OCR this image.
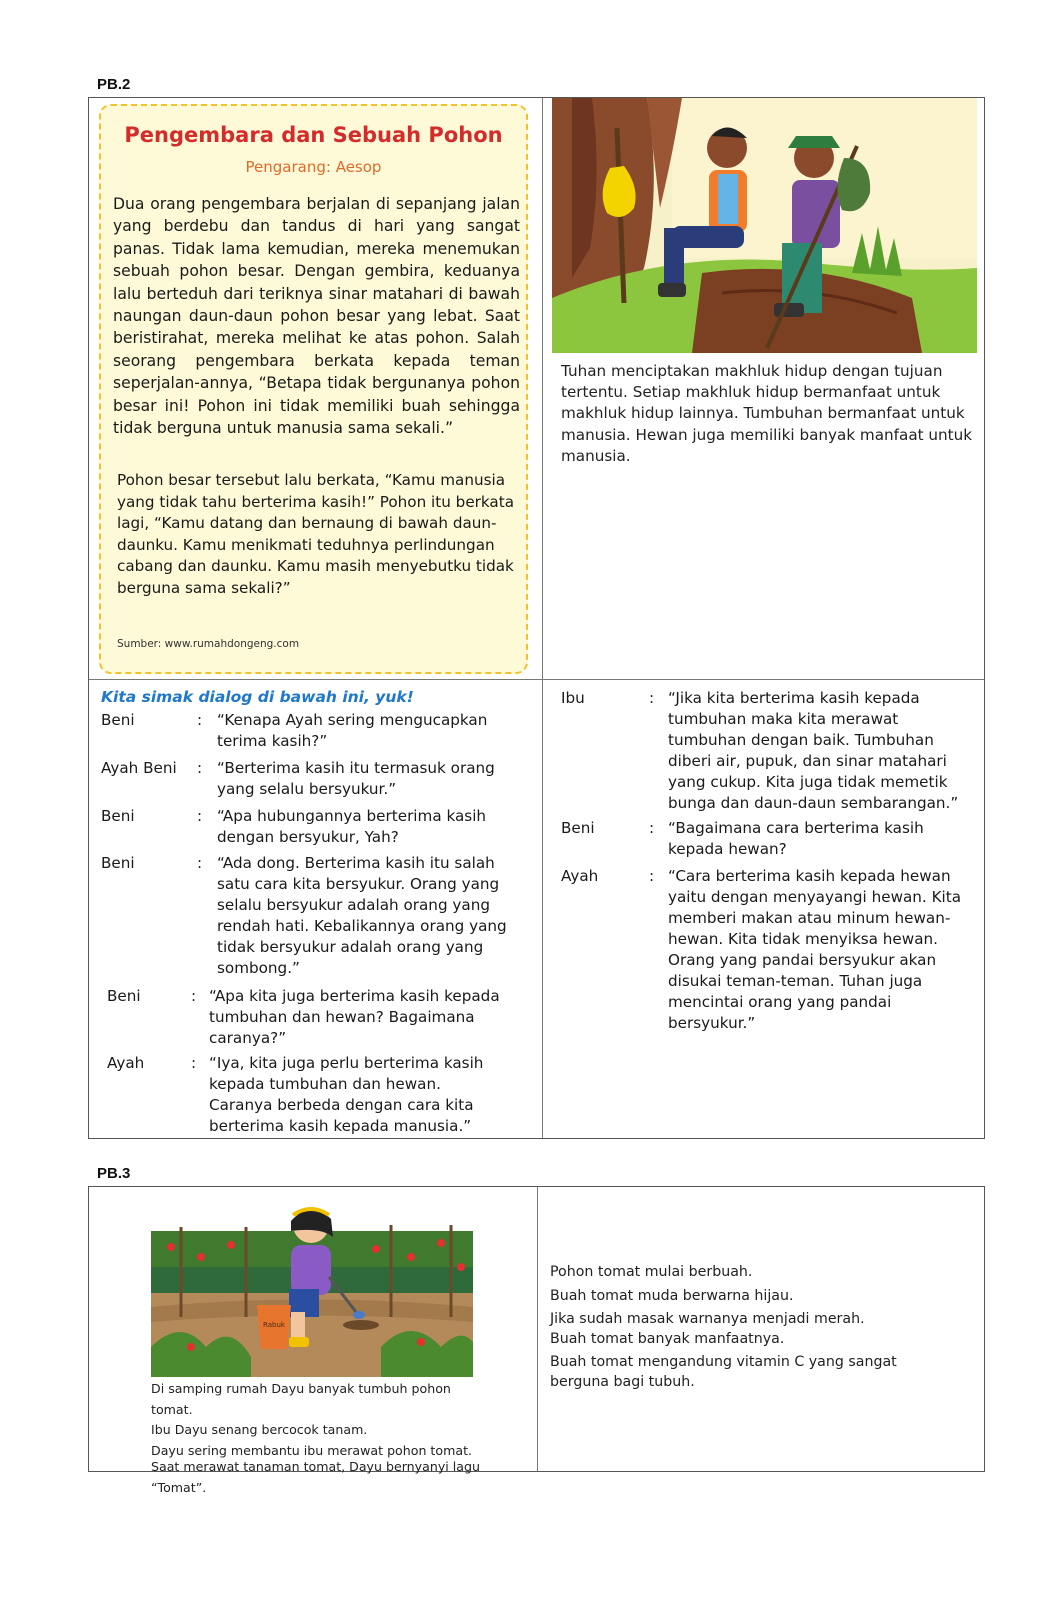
PB.2
Pengembara dan Sebuah Pohon
Pengarang: Aesop
Dua orang pengembara berjalan di sepanjang jalan yang berdebu dan tandus di hari yang sangat panas. Tidak lama kemudian, mereka menemukan sebuah pohon besar. Dengan gembira, keduanya lalu berteduh dari teriknya sinar matahari di bawah naungan daun-daun pohon besar yang lebat. Saat beristirahat, mereka melihat ke atas pohon. Salah seorang pengembara berkata kepada teman seperjalan-annya, “Betapa tidak bergunanya pohon besar ini! Pohon ini tidak memiliki buah sehingga tidak berguna untuk manusia sama sekali.”
Pohon besar tersebut lalu berkata, “Kamu manusia yang tidak tahu berterima kasih!” Pohon itu berkata lagi, “Kamu datang dan bernaung di bawah daun-daunku. Kamu menikmati teduhnya perlindungan cabang dan daunku. Kamu masih menyebutku tidak berguna sama sekali?”
Sumber: www.rumahdongeng.com
Tuhan menciptakan makhluk hidup dengan tujuan tertentu. Setiap makhluk hidup bermanfaat untuk makhluk hidup lainnya. Tumbuhan bermanfaat untuk manusia. Hewan juga memiliki banyak manfaat untuk manusia.
Kita simak dialog di bawah ini, yuk!
Beni	: “Kenapa Ayah sering mengucapkan terima kasih?”
Ayah Beni : “Berterima kasih itu termasuk orang yang selalu bersyukur.”
Beni	: “Apa hubungannya berterima kasih dengan bersyukur, Yah?
Beni	: “Ada dong. Berterima kasih itu salah satu cara kita bersyukur. Orang yang selalu bersyukur adalah orang yang rendah hati. Kebalikannya orang yang tidak bersyukur adalah orang yang sombong.”
Beni	: “Apa kita juga berterima kasih kepada tumbuhan dan hewan? Bagaimana caranya?”
Ayah	: “Iya, kita juga perlu berterima kasih kepada tumbuhan dan hewan. Caranya berbeda dengan cara kita berterima kasih kepada manusia.”
Ibu	: “Jika kita berterima kasih kepada tumbuhan maka kita merawat tumbuhan dengan baik. Tumbuhan diberi air, pupuk, dan sinar matahari yang cukup. Kita juga tidak memetik bunga dan daun-daun sembarangan.”
Beni	: “Bagaimana cara berterima kasih kepada hewan?
Ayah	: “Cara berterima kasih kepada hewan yaitu dengan menyayangi hewan. Kita memberi makan atau minum hewan-hewan. Kita tidak menyiksa hewan. Orang yang pandai bersyukur akan disukai teman-teman. Tuhan juga mencintai orang yang pandai bersyukur.”
PB.3
Rabuk
Di samping rumah Dayu banyak tumbuh pohon tomat.
Ibu Dayu senang bercocok tanam.
Dayu sering membantu ibu merawat pohon tomat.
Saat merawat tanaman tomat, Dayu bernyanyi lagu
“Tomat”.
Pohon tomat mulai berbuah.
Buah tomat muda berwarna hijau.
Jika sudah masak warnanya menjadi merah.
Buah tomat banyak manfaatnya.
Buah tomat mengandung vitamin C yang sangat
berguna bagi tubuh.
